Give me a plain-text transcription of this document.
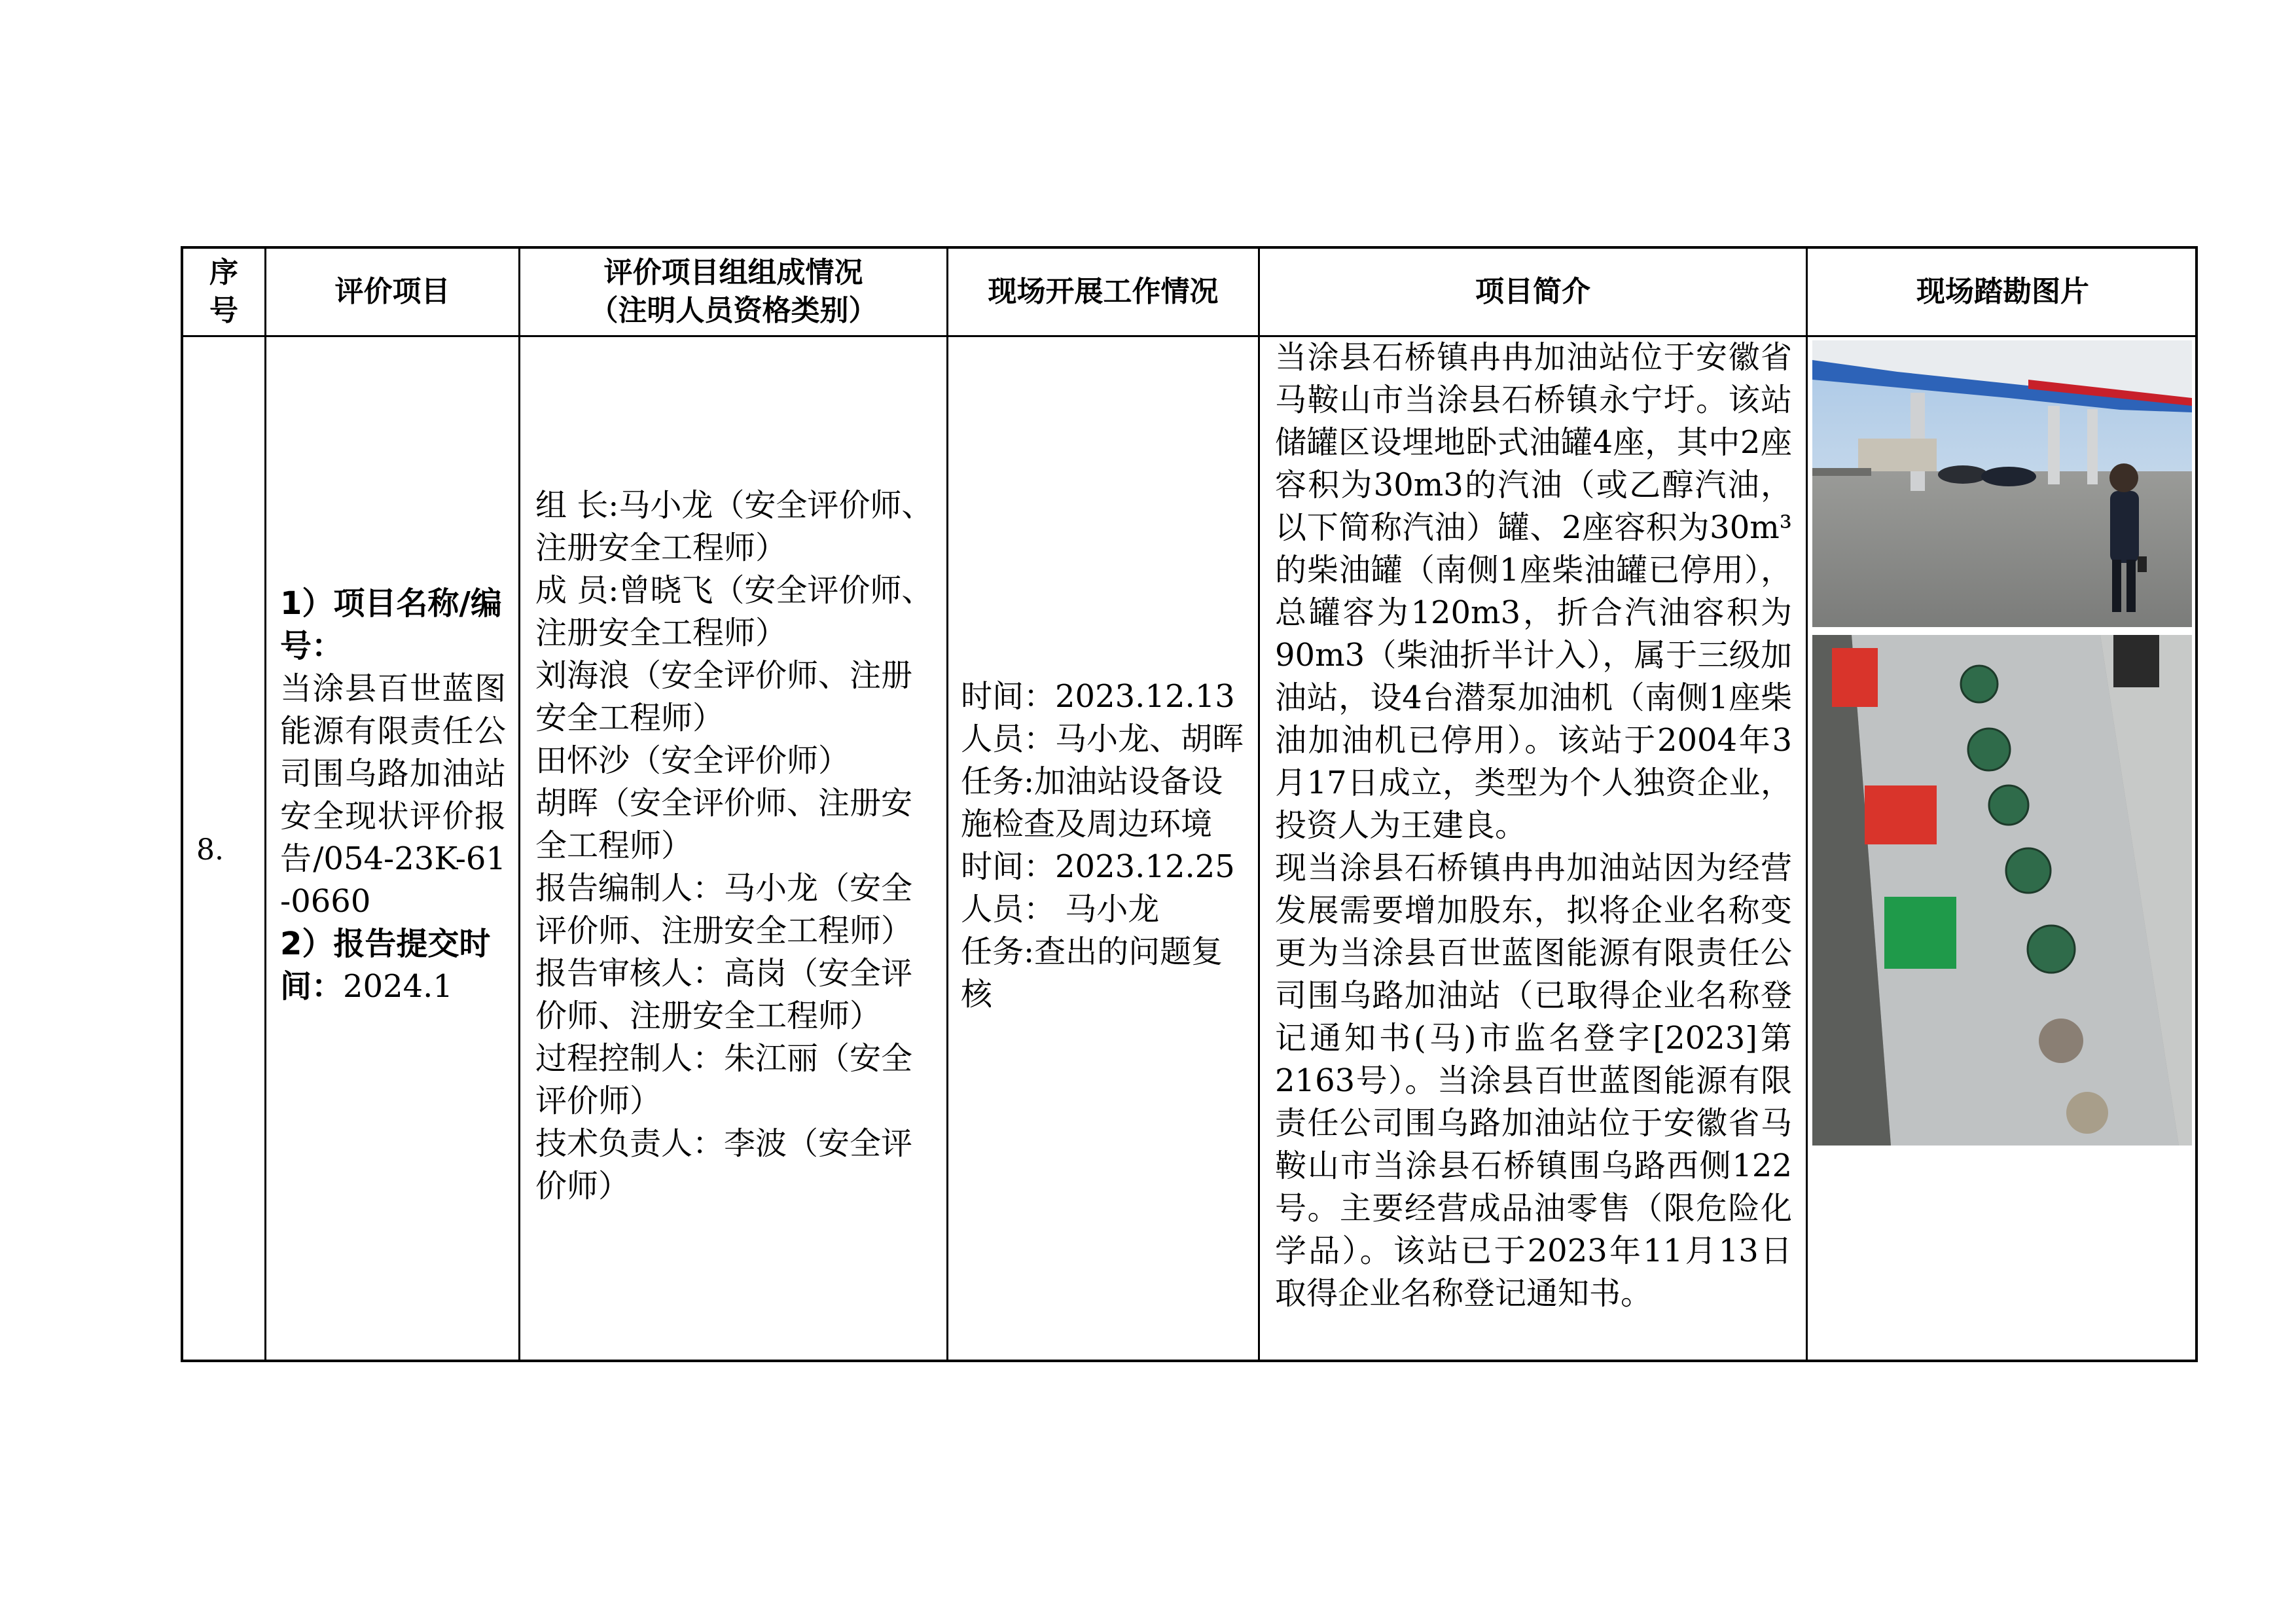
序号
评价项目
评价项目组组成情况
（注明人员资格类别）
现场开展工作情况	项目简介	现场踏勘图片
8.
1）项目名称/编号：
当涂县百世蓝图能源有限责任公司围乌路加油站安全现状评价报告/054-23K-61-0660
2）报告提交时间：2024.1
组 长:马小龙（安全评价师、注册安全工程师）
成 员:曾晓飞（安全评价师、注册安全工程师）
刘海浪（安全评价师、注册安全工程师）
田怀沙（安全评价师）
胡晖（安全评价师、注册安全工程师）
报告编制人：马小龙（安全评价师、注册安全工程师）
报告审核人：高岗（安全评价师、注册安全工程师）
过程控制人：朱江丽（安全评价师）
技术负责人：李波（安全评价师）
时间：2023.12.13
人员：马小龙、胡晖
任务:加油站设备设施检查及周边环境
时间：2023.12.25
人员： 马小龙
任务:查出的问题复核
当涂县石桥镇冉冉加油站位于安徽省马鞍山市当涂县石桥镇永宁圩。该站储罐区设埋地卧式油罐4座，其中2座容积为30m3的汽油（或乙醇汽油，以下简称汽油）罐、2座容积为30m³的柴油罐（南侧1座柴油罐已停用），总罐容为120m3，折合汽油容积为90m3（柴油折半计入），属于三级加油站，设4台潜泵加油机（南侧1座柴油加油机已停用）。该站于2004年3月17日成立，类型为个人独资企业，投资人为王建良。
现当涂县石桥镇冉冉加油站因为经营发展需要增加股东，拟将企业名称变更为当涂县百世蓝图能源有限责任公司围乌路加油站（已取得企业名称登记通知书(马)市监名登字[2023]第2163号）。当涂县百世蓝图能源有限责任公司围乌路加油站位于安徽省马鞍山市当涂县石桥镇围乌路西侧122号。主要经营成品油零售（限危险化学品）。该站已于2023年11月13日取得企业名称登记通知书。
